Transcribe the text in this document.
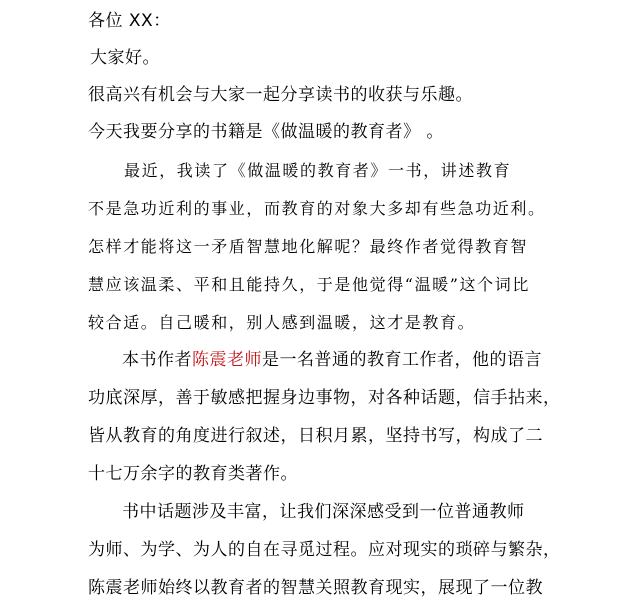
各位 XX：
大家好。
很高兴有机会与大家一起分享读书的收获与乐趣。
今天我要分享的书籍是《做温暖的教育者》 。
最近，我读了《做温暖的教育者》一书，讲述教育
不是急功近利的事业，而教育的对象大多却有些急功近利。
怎样才能将这一矛盾智慧地化解呢？最终作者觉得教育智
慧应该温柔、平和且能持久，于是他觉得“温暖”这个词比
较合适。自己暖和，别人感到温暖，这才是教育。
本书作者陈震老师是一名普通的教育工作者，他的语言
功底深厚，善于敏感把握身边事物，对各种话题，信手拈来，
皆从教育的角度进行叙述，日积月累，坚持书写，构成了二
十七万余字的教育类著作。
书中话题涉及丰富，让我们深深感受到一位普通教师
为师、为学、为人的自在寻觅过程。应对现实的琐碎与繁杂，
陈震老师始终以教育者的智慧关照教育现实，展现了一位教
